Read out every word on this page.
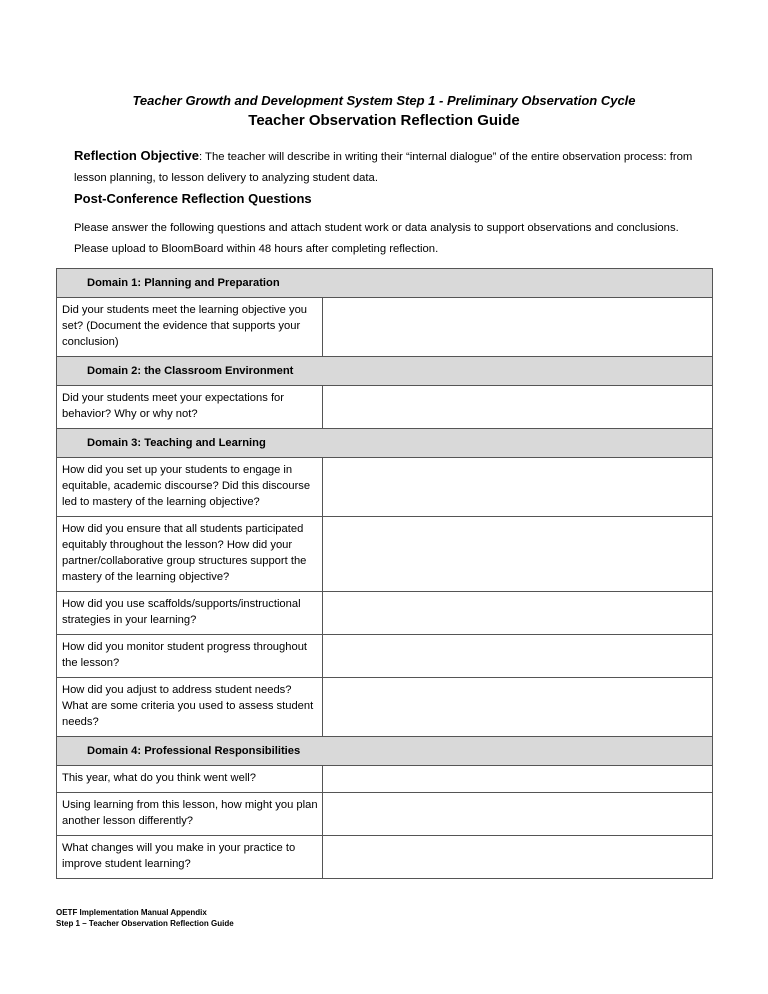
Teacher Growth and Development System Step 1 - Preliminary Observation Cycle
Teacher Observation Reflection Guide
Reflection Objective: The teacher will describe in writing their “internal dialogue” of the entire observation process: from lesson planning, to lesson delivery to analyzing student data.
Post-Conference Reflection Questions
Please answer the following questions and attach student work or data analysis to support observations and conclusions. Please upload to BloomBoard within 48 hours after completing reflection.
Domain 1: Planning and Preparation	
Did your students meet the learning objective you set? (Document the evidence that supports your conclusion)	
Domain 2: the Classroom Environment	
Did your students meet your expectations for behavior? Why or why not?	
Domain 3: Teaching and Learning	
How did you set up your students to engage in equitable, academic discourse? Did this discourse led to mastery of the learning objective?	
How did you ensure that all students participated equitably throughout the lesson? How did your partner/collaborative group structures support the mastery of the learning objective?	
How did you use scaffolds/supports/instructional strategies in your learning?	
How did you monitor student progress throughout the lesson?	
How did you adjust to address student needs? What are some criteria you used to assess student needs?	
Domain 4: Professional Responsibilities	
This year, what do you think went well?	
Using learning from this lesson, how might you plan another lesson differently?	
What changes will you make in your practice to improve student learning?	
OETF Implementation Manual Appendix
Step 1 – Teacher Observation Reflection Guide
